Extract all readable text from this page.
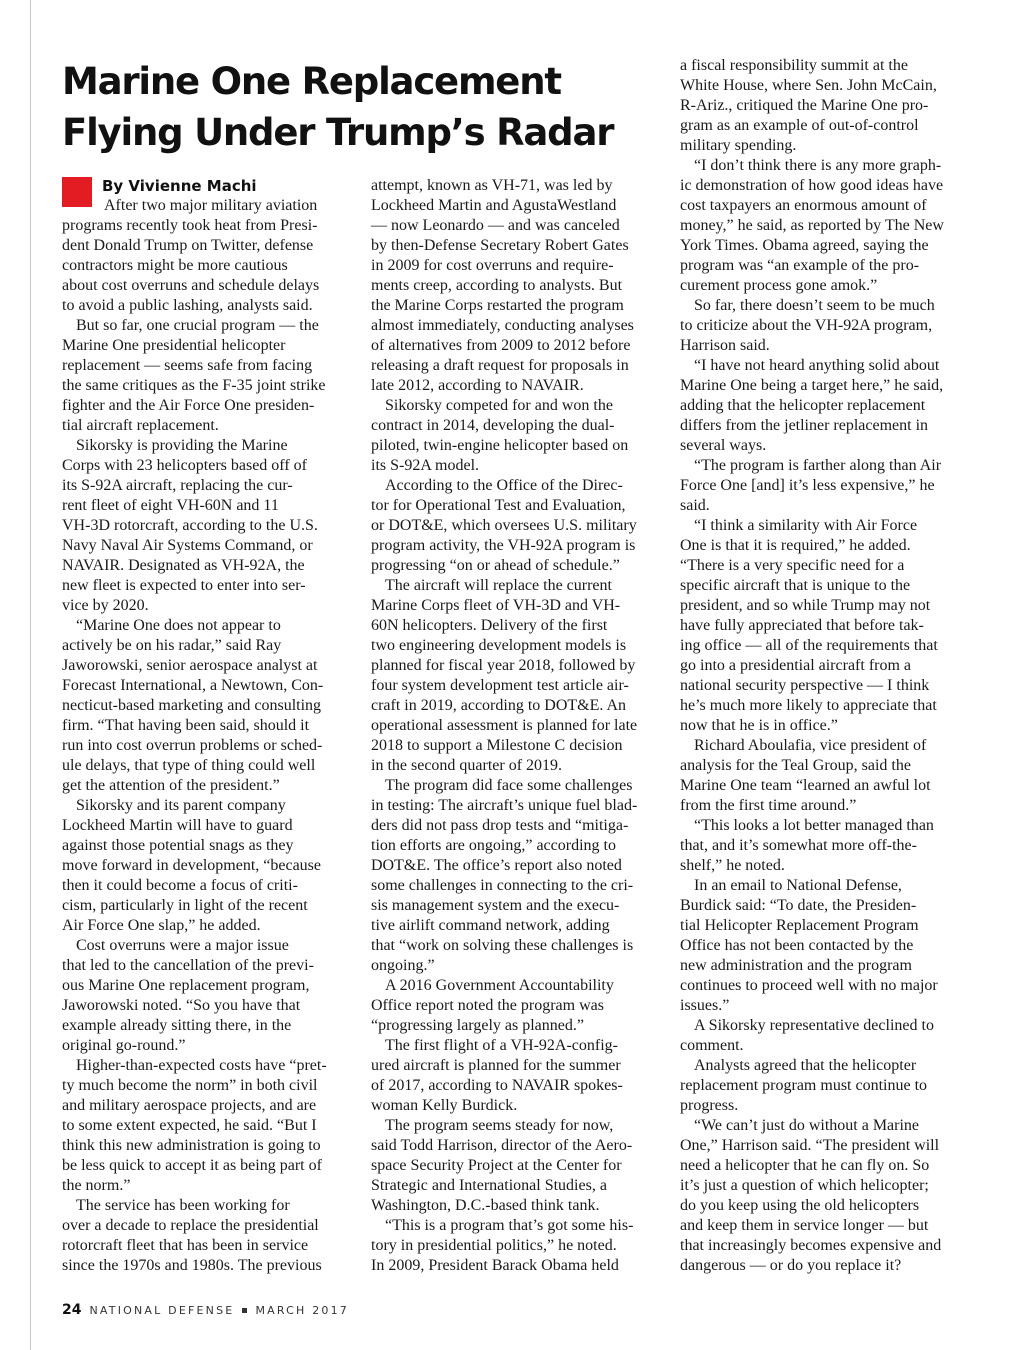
Marine One Replacement
Flying Under Trump’s Radar
By Vivienne Machi
After two major military aviation
programs recently took heat from Presi-
dent Donald Trump on Twitter, defense
contractors might be more cautious
about cost overruns and schedule delays
to avoid a public lashing, analysts said.
But so far, one crucial program — the
Marine One presidential helicopter
replacement — seems safe from facing
the same critiques as the F-35 joint strike
fighter and the Air Force One presiden-
tial aircraft replacement.
Sikorsky is providing the Marine
Corps with 23 helicopters based off of
its S-92A aircraft, replacing the cur-
rent fleet of eight VH-60N and 11
VH-3D rotorcraft, according to the U.S.
Navy Naval Air Systems Command, or
NAVAIR. Designated as VH-92A, the
new fleet is expected to enter into ser-
vice by 2020.
“Marine One does not appear to
actively be on his radar,” said Ray
Jaworowski, senior aerospace analyst at
Forecast International, a Newtown, Con-
necticut-based marketing and consulting
firm. “That having been said, should it
run into cost overrun problems or sched-
ule delays, that type of thing could well
get the attention of the president.”
Sikorsky and its parent company
Lockheed Martin will have to guard
against those potential snags as they
move forward in development, “because
then it could become a focus of criti-
cism, particularly in light of the recent
Air Force One slap,” he added.
Cost overruns were a major issue
that led to the cancellation of the previ-
ous Marine One replacement program,
Jaworowski noted. “So you have that
example already sitting there, in the
original go-round.”
Higher-than-expected costs have “pret-
ty much become the norm” in both civil
and military aerospace projects, and are
to some extent expected, he said. “But I
think this new administration is going to
be less quick to accept it as being part of
the norm.”
The service has been working for
over a decade to replace the presidential
rotorcraft fleet that has been in service
since the 1970s and 1980s. The previous
attempt, known as VH-71, was led by
Lockheed Martin and AgustaWestland
— now Leonardo — and was canceled
by then-Defense Secretary Robert Gates
in 2009 for cost overruns and require-
ments creep, according to analysts. But
the Marine Corps restarted the program
almost immediately, conducting analyses
of alternatives from 2009 to 2012 before
releasing a draft request for proposals in
late 2012, according to NAVAIR.
Sikorsky competed for and won the
contract in 2014, developing the dual-
piloted, twin-engine helicopter based on
its S-92A model.
According to the Office of the Direc-
tor for Operational Test and Evaluation,
or DOT&E, which oversees U.S. military
program activity, the VH-92A program is
progressing “on or ahead of schedule.”
The aircraft will replace the current
Marine Corps fleet of VH-3D and VH-
60N helicopters. Delivery of the first
two engineering development models is
planned for fiscal year 2018, followed by
four system development test article air-
craft in 2019, according to DOT&E. An
operational assessment is planned for late
2018 to support a Milestone C decision
in the second quarter of 2019.
The program did face some challenges
in testing: The aircraft’s unique fuel blad-
ders did not pass drop tests and “mitiga-
tion efforts are ongoing,” according to
DOT&E. The office’s report also noted
some challenges in connecting to the cri-
sis management system and the execu-
tive airlift command network, adding
that “work on solving these challenges is
ongoing.”
A 2016 Government Accountability
Office report noted the program was
“progressing largely as planned.”
The first flight of a VH-92A-config-
ured aircraft is planned for the summer
of 2017, according to NAVAIR spokes-
woman Kelly Burdick.
The program seems steady for now,
said Todd Harrison, director of the Aero-
space Security Project at the Center for
Strategic and International Studies, a
Washington, D.C.-based think tank.
“This is a program that’s got some his-
tory in presidential politics,” he noted.
In 2009, President Barack Obama held
a fiscal responsibility summit at the
White House, where Sen. John McCain,
R-Ariz., critiqued the Marine One pro-
gram as an example of out-of-control
military spending.
“I don’t think there is any more graph-
ic demonstration of how good ideas have
cost taxpayers an enormous amount of
money,” he said, as reported by The New
York Times. Obama agreed, saying the
program was “an example of the pro-
curement process gone amok.”
So far, there doesn’t seem to be much
to criticize about the VH-92A program,
Harrison said.
“I have not heard anything solid about
Marine One being a target here,” he said,
adding that the helicopter replacement
differs from the jetliner replacement in
several ways.
“The program is farther along than Air
Force One [and] it’s less expensive,” he
said.
“I think a similarity with Air Force
One is that it is required,” he added.
“There is a very specific need for a
specific aircraft that is unique to the
president, and so while Trump may not
have fully appreciated that before tak-
ing office — all of the requirements that
go into a presidential aircraft from a
national security perspective — I think
he’s much more likely to appreciate that
now that he is in office.”
Richard Aboulafia, vice president of
analysis for the Teal Group, said the
Marine One team “learned an awful lot
from the first time around.”
“This looks a lot better managed than
that, and it’s somewhat more off-the-
shelf,” he noted.
In an email to National Defense,
Burdick said: “To date, the Presiden-
tial Helicopter Replacement Program
Office has not been contacted by the
new administration and the program
continues to proceed well with no major
issues.”
A Sikorsky representative declined to
comment.
Analysts agreed that the helicopter
replacement program must continue to
progress.
“We can’t just do without a Marine
One,” Harrison said. “The president will
need a helicopter that he can fly on. So
it’s just a question of which helicopter;
do you keep using the old helicopters
and keep them in service longer — but
that increasingly becomes expensive and
dangerous — or do you replace it?
24 NATIONAL DEFENSE MARCH 2017
